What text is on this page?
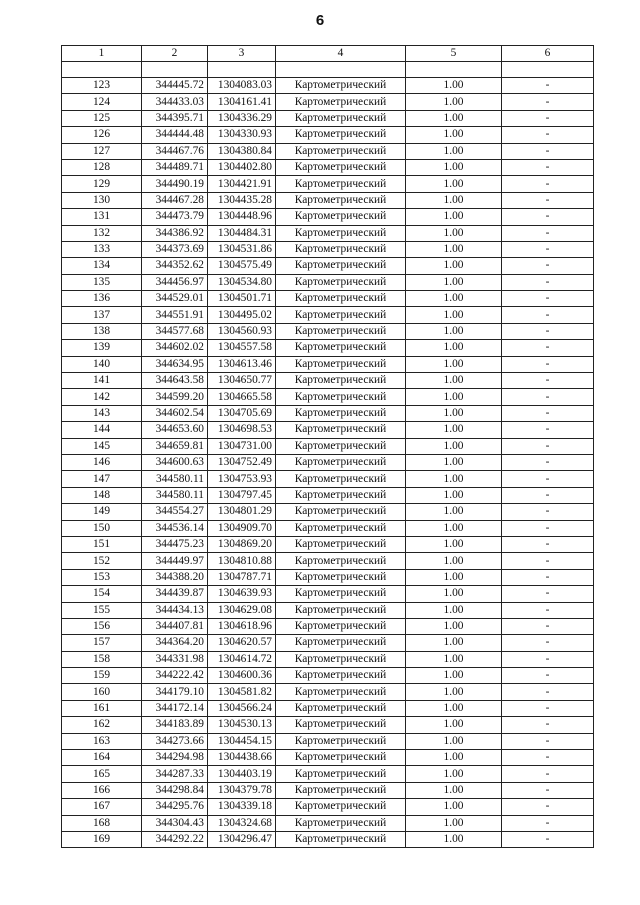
6
1	2	3	4	5	6

123	344445.72	1304083.03	Картометрический	1.00	-
124	344433.03	1304161.41	Картометрический	1.00	-
125	344395.71	1304336.29	Картометрический	1.00	-
126	344444.48	1304330.93	Картометрический	1.00	-
127	344467.76	1304380.84	Картометрический	1.00	-
128	344489.71	1304402.80	Картометрический	1.00	-
129	344490.19	1304421.91	Картометрический	1.00	-
130	344467.28	1304435.28	Картометрический	1.00	-
131	344473.79	1304448.96	Картометрический	1.00	-
132	344386.92	1304484.31	Картометрический	1.00	-
133	344373.69	1304531.86	Картометрический	1.00	-
134	344352.62	1304575.49	Картометрический	1.00	-
135	344456.97	1304534.80	Картометрический	1.00	-
136	344529.01	1304501.71	Картометрический	1.00	-
137	344551.91	1304495.02	Картометрический	1.00	-
138	344577.68	1304560.93	Картометрический	1.00	-
139	344602.02	1304557.58	Картометрический	1.00	-
140	344634.95	1304613.46	Картометрический	1.00	-
141	344643.58	1304650.77	Картометрический	1.00	-
142	344599.20	1304665.58	Картометрический	1.00	-
143	344602.54	1304705.69	Картометрический	1.00	-
144	344653.60	1304698.53	Картометрический	1.00	-
145	344659.81	1304731.00	Картометрический	1.00	-
146	344600.63	1304752.49	Картометрический	1.00	-
147	344580.11	1304753.93	Картометрический	1.00	-
148	344580.11	1304797.45	Картометрический	1.00	-
149	344554.27	1304801.29	Картометрический	1.00	-
150	344536.14	1304909.70	Картометрический	1.00	-
151	344475.23	1304869.20	Картометрический	1.00	-
152	344449.97	1304810.88	Картометрический	1.00	-
153	344388.20	1304787.71	Картометрический	1.00	-
154	344439.87	1304639.93	Картометрический	1.00	-
155	344434.13	1304629.08	Картометрический	1.00	-
156	344407.81	1304618.96	Картометрический	1.00	-
157	344364.20	1304620.57	Картометрический	1.00	-
158	344331.98	1304614.72	Картометрический	1.00	-
159	344222.42	1304600.36	Картометрический	1.00	-
160	344179.10	1304581.82	Картометрический	1.00	-
161	344172.14	1304566.24	Картометрический	1.00	-
162	344183.89	1304530.13	Картометрический	1.00	-
163	344273.66	1304454.15	Картометрический	1.00	-
164	344294.98	1304438.66	Картометрический	1.00	-
165	344287.33	1304403.19	Картометрический	1.00	-
166	344298.84	1304379.78	Картометрический	1.00	-
167	344295.76	1304339.18	Картометрический	1.00	-
168	344304.43	1304324.68	Картометрический	1.00	-
169	344292.22	1304296.47	Картометрический	1.00	-
